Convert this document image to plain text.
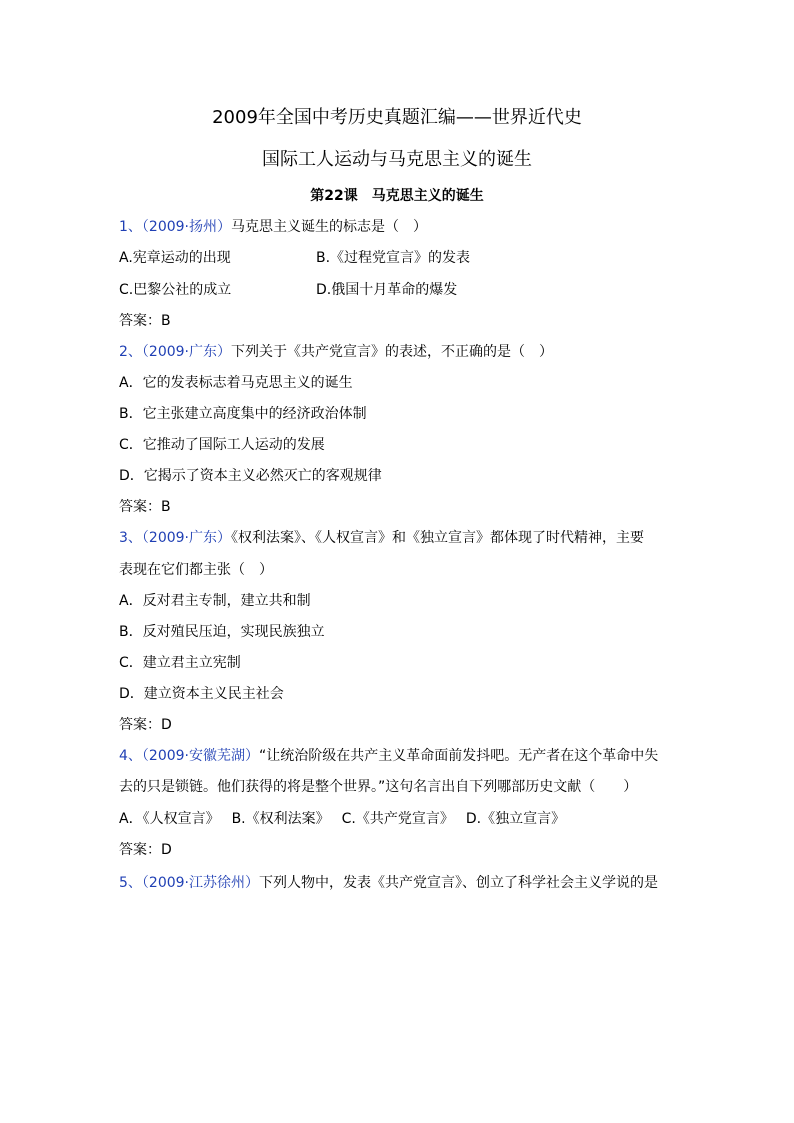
2009年全国中考历史真题汇编——世界近代史
国际工人运动与马克思主义的诞生
第22课　马克思主义的诞生
1、（2009·扬州）马克思主义诞生的标志是（　）
A.宪章运动的出现	B.《过程党宣言》的发表
C.巴黎公社的成立	D.俄国十月革命的爆发
答案：B
2、（2009·广东）下列关于《共产党宣言》的表述，不正确的是（　）
A．它的发表标志着马克思主义的诞生
B．它主张建立高度集中的经济政治体制
C．它推动了国际工人运动的发展
D．它揭示了资本主义必然灭亡的客观规律
答案：B
3、（2009·广东）《权利法案》、《人权宣言》和《独立宣言》都体现了时代精神，主要
表现在它们都主张（　）
A．反对君主专制，建立共和制
B．反对殖民压迫，实现民族独立
C．建立君主立宪制
D．建立资本主义民主社会
答案：D
4、（2009·安徽芜湖）“让统治阶级在共产主义革命面前发抖吧。无产者在这个革命中失
去的只是锁链。他们获得的将是整个世界。”这句名言出自下列哪部历史文献（　　）
A．《人权宣言》 B.《权利法案》 C.《共产党宣言》 D.《独立宣言》
答案：D
5、（2009·江苏徐州）下列人物中，发表《共产党宣言》、创立了科学社会主义学说的是
